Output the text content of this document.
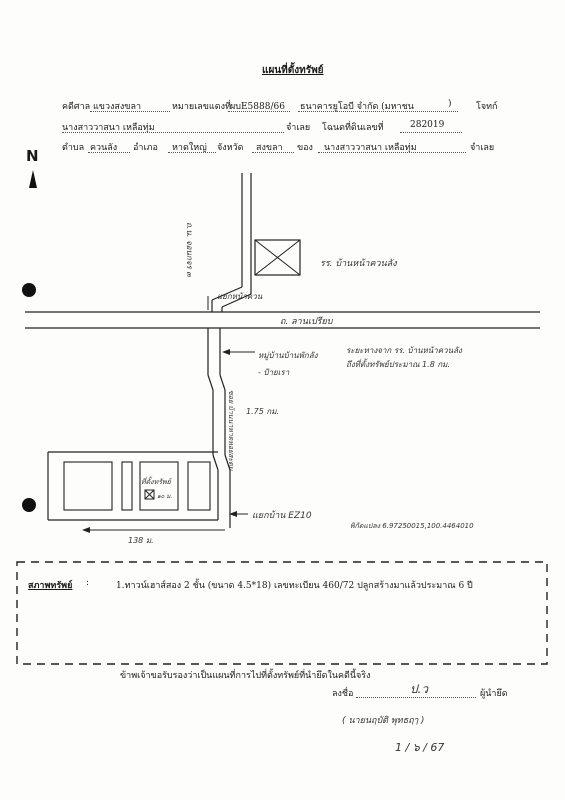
แผนที่ตั้งทรัพย์
คดีศาล แขวงสงขลา	หมายเลขแดงที่ ผบE5888/66 ธนาคารยูโอบี จำกัด (มหาชน	)	โจทก์
นางสาววาสนา เหลือทุ่ม	จำเลย โฉนดที่ดินเลขที่	282019
ตำบล ควนลัง อำเภอ หาดใหญ่ จังหวัด สงขลา ของ นางสาววาสนา เหลือทุ่ม	จำเลย
N
ถ.น. จอนกจร ๓	รร. บ้านหน้าควนลัง
แยกหน้าควน
ถ. ลานเปรียบ
ระยะทางจาก รร. บ้านหน้าควนลัง
ถึงที่ตั้งทรัพย์ประมาณ 1.8 กม.
หมู่บ้านบ้านพักลัง
- ป้ายเรา
ซอย บ้านนาหาดหอยสะดม 1.75 กม.
ที่ตั้งทรัพย์
๑๐ ม.
แยกบ้าน EZ10
138 ม.
พิกัดแปลง 6.97250015,100.4464010
สภาพทรัพย์ :	1.ทาวน์เฮาส์สอง 2 ชั้น (ขนาด 4.5*18) เลขทะเบียน 460/72 ปลูกสร้างมาแล้วประมาณ 6 ปี
ข้าพเจ้าขอรับรองว่าเป็นแผนที่การไปที่ตั้งทรัพย์ที่นำยึดในคดีนี้จริง
ลงชื่อ	ป.ว	ผู้นำยึด
( นายนฤบัติ พุทธฤๅ )
1 / ๖ / 67
